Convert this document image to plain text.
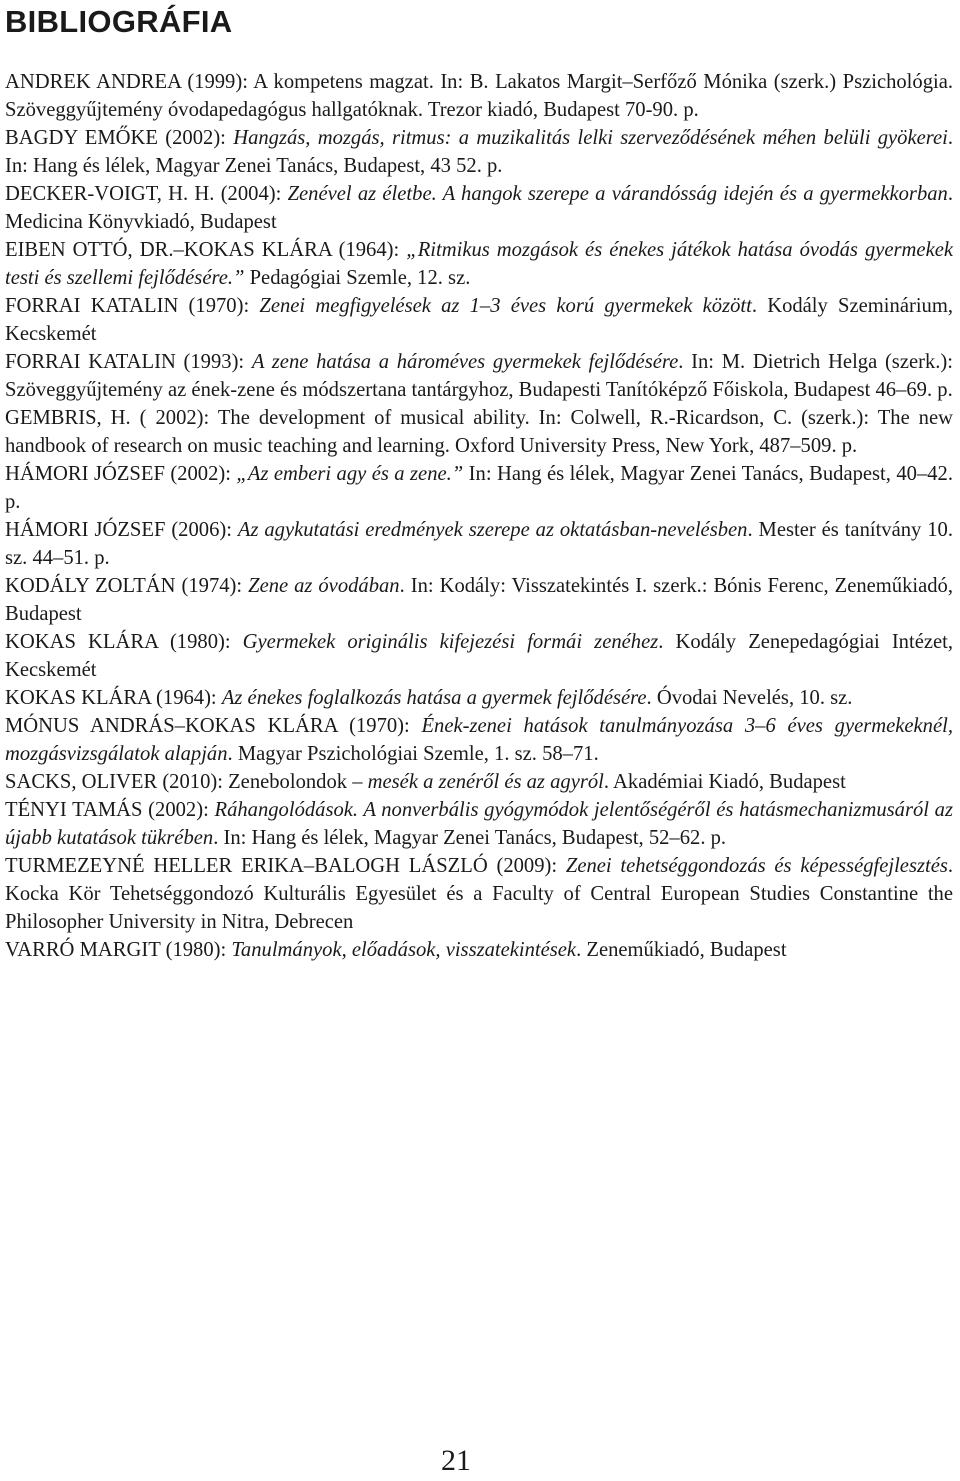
BIBLIOGRÁFIA

ANDREK ANDREA (1999): A kompetens magzat. In: B. Lakatos Margit–Serfőző Mónika (szerk.) Pszichológia. Szöveggyűjtemény óvodapedagógus hallgatóknak. Trezor kiadó, Budapest 70-90. p.

BAGDY EMŐKE (2002): Hangzás, mozgás, ritmus: a muzikalitás lelki szerveződésének méhen belüli gyökerei. In: Hang és lélek, Magyar Zenei Tanács, Budapest, 43 52. p.

DECKER-VOIGT, H. H. (2004): Zenével az életbe. A hangok szerepe a várandósság idején és a gyermekkorban. Medicina Könyvkiadó, Budapest

EIBEN OTTÓ, DR.–KOKAS KLÁRA (1964): „Ritmikus mozgások és énekes játékok hatása óvodás gyermekek testi és szellemi fejlődésére.” Pedagógiai Szemle, 12. sz.

FORRAI KATALIN (1970): Zenei megfigyelések az 1–3 éves korú gyermekek között. Kodály Szeminárium, Kecskemét

FORRAI KATALIN (1993): A zene hatása a hároméves gyermekek fejlődésére. In: M. Dietrich Helga (szerk.): Szöveggyűjtemény az ének-zene és módszertana tantárgyhoz, Budapesti Tanítóképző Főiskola, Budapest 46–69. p.

GEMBRIS, H. ( 2002): The development of musical ability. In: Colwell, R.-Ricardson, C. (szerk.): The new handbook of research on music teaching and learning. Oxford University Press, New York, 487–509. p.

HÁMORI JÓZSEF (2002): „Az emberi agy és a zene.” In: Hang és lélek, Magyar Zenei Tanács, Budapest, 40–42. p.

HÁMORI JÓZSEF (2006): Az agykutatási eredmények szerepe az oktatásban-nevelésben. Mester és tanítvány 10. sz. 44–51. p.

KODÁLY ZOLTÁN (1974): Zene az óvodában. In: Kodály: Visszatekintés I. szerk.: Bónis Ferenc, Zeneműkiadó, Budapest

KOKAS KLÁRA (1980): Gyermekek originális kifejezési formái zenéhez. Kodály Zenepedagógiai Intézet, Kecskemét

KOKAS KLÁRA (1964): Az énekes foglalkozás hatása a gyermek fejlődésére. Óvodai Nevelés, 10. sz.

MÓNUS ANDRÁS–KOKAS KLÁRA (1970): Ének-zenei hatások tanulmányozása 3–6 éves gyermekeknél, mozgásvizsgálatok alapján. Magyar Pszichológiai Szemle, 1. sz. 58–71.

SACKS, OLIVER (2010): Zenebolondok – mesék a zenéről és az agyról. Akadémiai Kiadó, Budapest

TÉNYI TAMÁS (2002): Ráhangolódások. A nonverbális gyógymódok jelentőségéről és hatásmechanizmusáról az újabb kutatások tükrében. In: Hang és lélek, Magyar Zenei Tanács, Budapest, 52–62. p.

TURMEZEYNÉ HELLER ERIKA–BALOGH LÁSZLÓ (2009): Zenei tehetséggondozás és képességfejlesztés. Kocka Kör Tehetséggondozó Kulturális Egyesület és a Faculty of Central European Studies Constantine the Philosopher University in Nitra, Debrecen

VARRÓ MARGIT (1980): Tanulmányok, előadások, visszatekintések. Zeneműkiadó, Budapest

21
